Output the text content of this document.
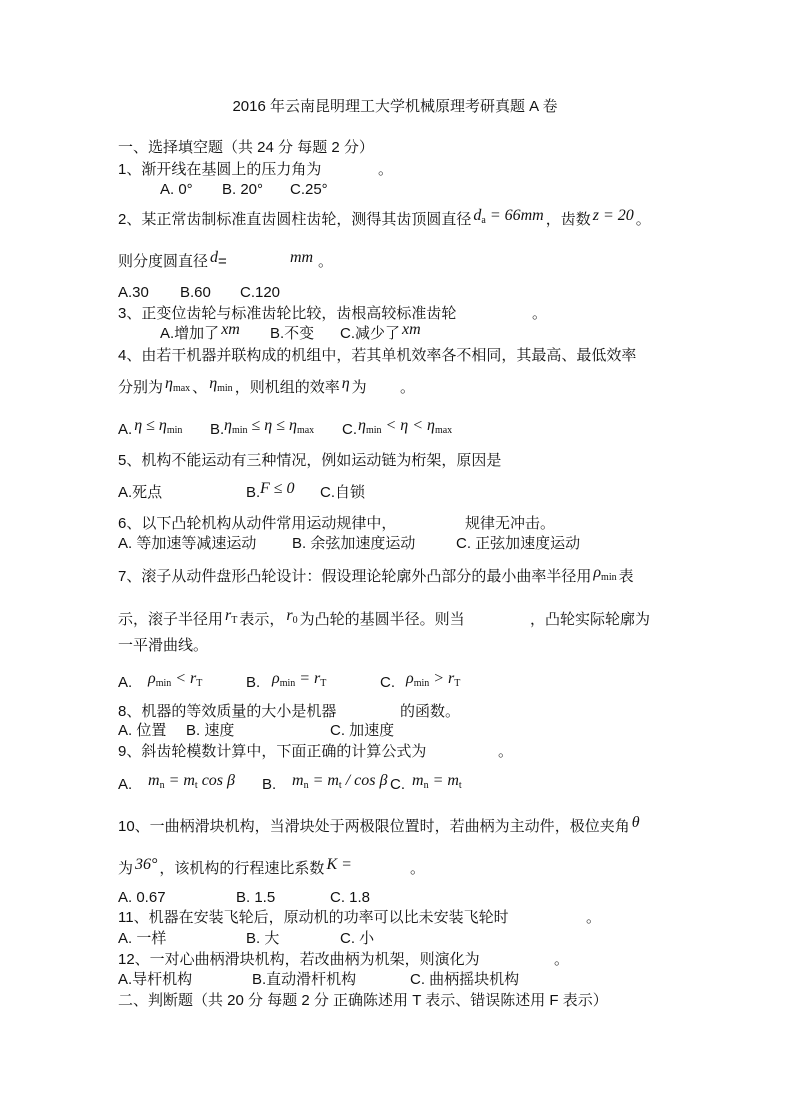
2016 年云南昆明理工大学机械原理考研真题 A 卷
一、选择填空题（共 24 分 每题 2 分）
1、渐开线在基圆上的压力角为	。
A. 0° B. 20° C.25°
2、某正常齿制标准直齿圆柱齿轮，测得其齿顶圆直径 $d_a = 66mm$ ，齿数 z = 20 。
则分度圆直径 d =	mm 。
A.30 B.60 C.120
3、正变位齿轮与标准齿轮比较，齿根高较标准齿轮	。
A.增加了 xm B.不变 C.减少了 xm
4、由若干机器并联构成的机组中，若其单机效率各不相同，其最高、最低效率
分别为 $\eta_{max}$ 、 $\eta_{min}$ ，则机组的效率 η 为 。
A. $\eta \le \eta_{min}$ B. $\eta_{min} \le \eta \le \eta_{max}$ C. $\eta_{min} < \eta < \eta_{max}$
5、机构不能运动有三种情况，例如运动链为桁架，原因是
A.死点	B. F ≤ 0 C.自锁
6、以下凸轮机构从动件常用运动规律中，	规律无冲击。
A. 等加速等减速运动 B. 余弦加速度运动	C. 正弦加速度运动
7、滚子从动件盘形凸轮设计：假设理论轮廓外凸部分的最小曲率半径用 $\rho_{min}$ 表
示，滚子半径用 $r_T$ 表示， $r_0$ 为凸轮的基圆半径。则当	，凸轮实际轮廓为
一平滑曲线。
A. $\rho_{min} < r_T$	B. $\rho_{min} = r_T$	C. $\rho_{min} > r_T$
8、机器的等效质量的大小是机器	的函数。
A. 位置 B. 速度	C. 加速度
9、斜齿轮模数计算中，下面正确的计算公式为	。
A. $m_n = m_t$ cos β B. $m_n = m_t / \cos \beta$ C. $m_n = m_t$
10、一曲柄滑块机构，当滑块处于两极限位置时，若曲柄为主动件，极位夹角 θ
为 36° ，该机构的行程速比系数 K =	。
A. 0.67	B. 1.5	C. 1.8
11、机器在安装飞轮后，原动机的功率可以比未安装飞轮时	。
A. 一样	B. 大	C. 小
12、一对心曲柄滑块机构，若改曲柄为机架，则演化为	。
A.导杆机构	B.直动滑杆机构	C. 曲柄摇块机构
二、判断题（共 20 分 每题 2 分 正确陈述用 T 表示、错误陈述用 F 表示）
